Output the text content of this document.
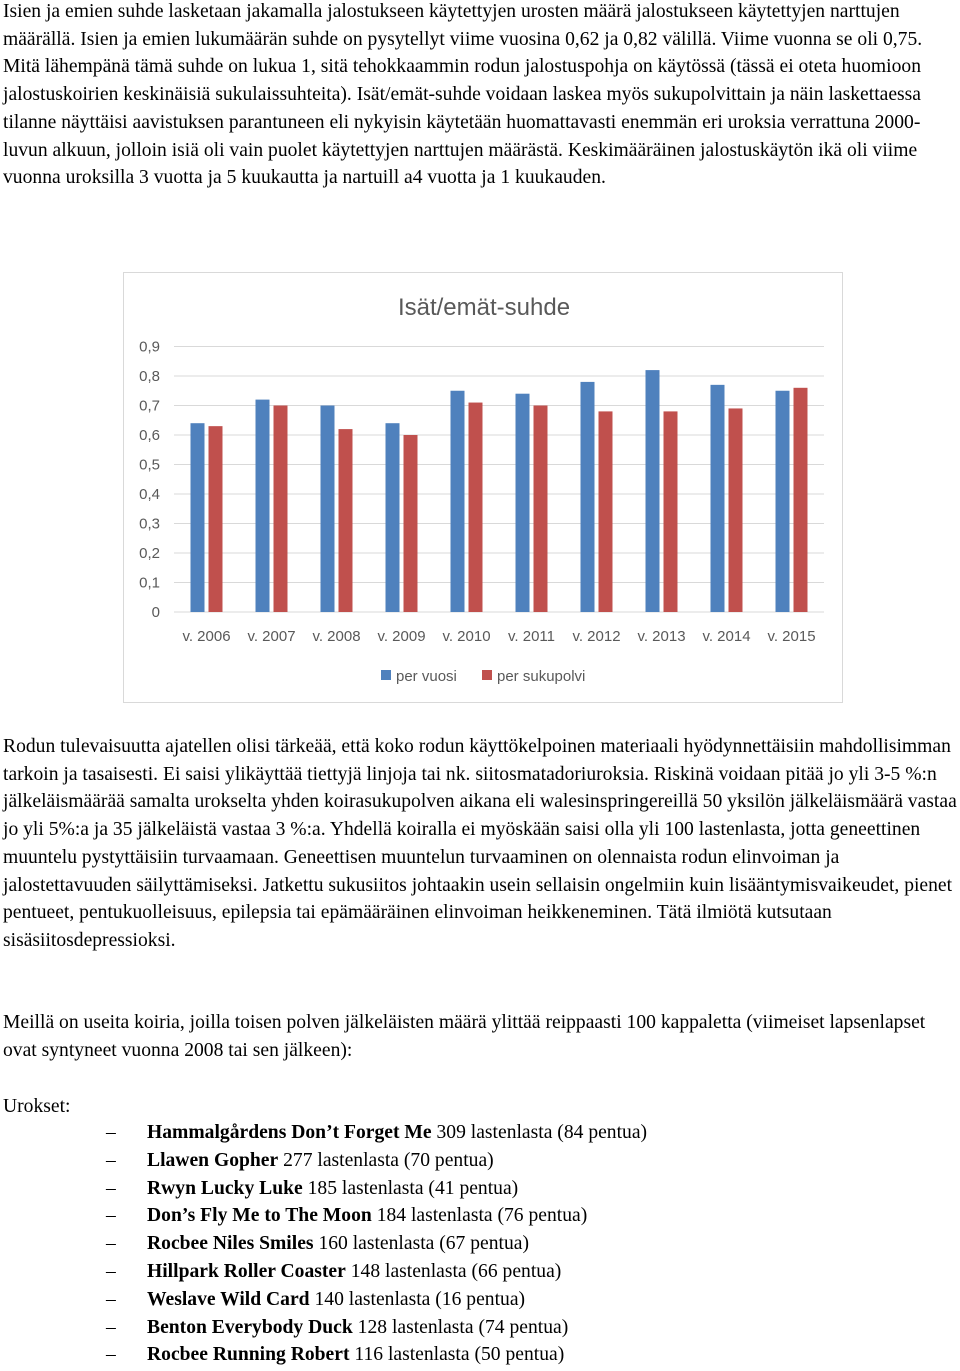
Isien ja emien suhde lasketaan jakamalla jalostukseen käytettyjen urosten määrä jalostukseen käytettyjen narttujen määrällä. Isien ja emien lukumäärän suhde on pysytellyt viime vuosina 0,62 ja 0,82 välillä. Viime vuonna se oli 0,75. Mitä lähempänä tämä suhde on lukua 1, sitä tehokkaammin rodun jalostuspohja on käytössä (tässä ei oteta huomioon jalostuskoirien keskinäisiä sukulaissuhteita). Isät/emät-suhde voidaan laskea myös sukupolvittain ja näin laskettaessa tilanne näyttäisi aavistuksen parantuneen eli nykyisin käytetään huomattavasti enemmän eri uroksia verrattuna 2000-luvun alkuun, jolloin isiä oli vain puolet käytettyjen narttujen määrästä. Keskimääräinen jalostuskäytön ikä oli viime vuonna uroksilla 3 vuotta ja 5 kuukautta ja nartuill a4 vuotta ja 1 kuukauden.

Isät/emät-suhde
0
0,1
0,2
0,3
0,4
0,5
0,6
0,7
0,8
0,9
v. 2006 v. 2007 v. 2008 v. 2009 v. 2010 v. 2011 v. 2012 v. 2013 v. 2014 v. 2015
per vuosi	per sukupolvi

Rodun tulevaisuutta ajatellen olisi tärkeää, että koko rodun käyttökelpoinen materiaali hyödynnettäisiin mahdollisimman tarkoin ja tasaisesti. Ei saisi ylikäyttää tiettyjä linjoja tai nk. siitosmatadoriuroksia. Riskinä voidaan pitää jo yli 3-5 %:n jälkeläismäärää samalta urokselta yhden koirasukupolven aikana eli walesinspringereillä 50 yksilön jälkeläismäärä vastaa jo yli 5%:a ja 35 jälkeläistä vastaa 3 %:a. Yhdellä koiralla ei myöskään saisi olla yli 100 lastenlasta, jotta geneettinen muuntelu pystyttäisiin turvaamaan. Geneettisen muuntelun turvaaminen on olennaista rodun elinvoiman ja jalostettavuuden säilyttämiseksi. Jatkettu sukusiitos johtaakin usein sellaisin ongelmiin kuin lisääntymisvaikeudet, pienet pentueet, pentukuolleisuus, epilepsia tai epämääräinen elinvoiman heikkeneminen. Tätä ilmiötä kutsutaan sisäsiitosdepressioksi.

Meillä on useita koiria, joilla toisen polven jälkeläisten määrä ylittää reippaasti 100 kappaletta (viimeiset lapsenlapset ovat syntyneet vuonna 2008 tai sen jälkeen):

Urokset:
– Hammalgårdens Don’t Forget Me 309 lastenlasta (84 pentua)
– Llawen Gopher 277 lastenlasta (70 pentua)
– Rwyn Lucky Luke 185 lastenlasta (41 pentua)
– Don’s Fly Me to The Moon 184 lastenlasta (76 pentua)
– Rocbee Niles Smiles 160 lastenlasta (67 pentua)
– Hillpark Roller Coaster 148 lastenlasta (66 pentua)
– Weslave Wild Card 140 lastenlasta (16 pentua)
– Benton Everybody Duck 128 lastenlasta (74 pentua)
– Rocbee Running Robert 116 lastenlasta (50 pentua)
